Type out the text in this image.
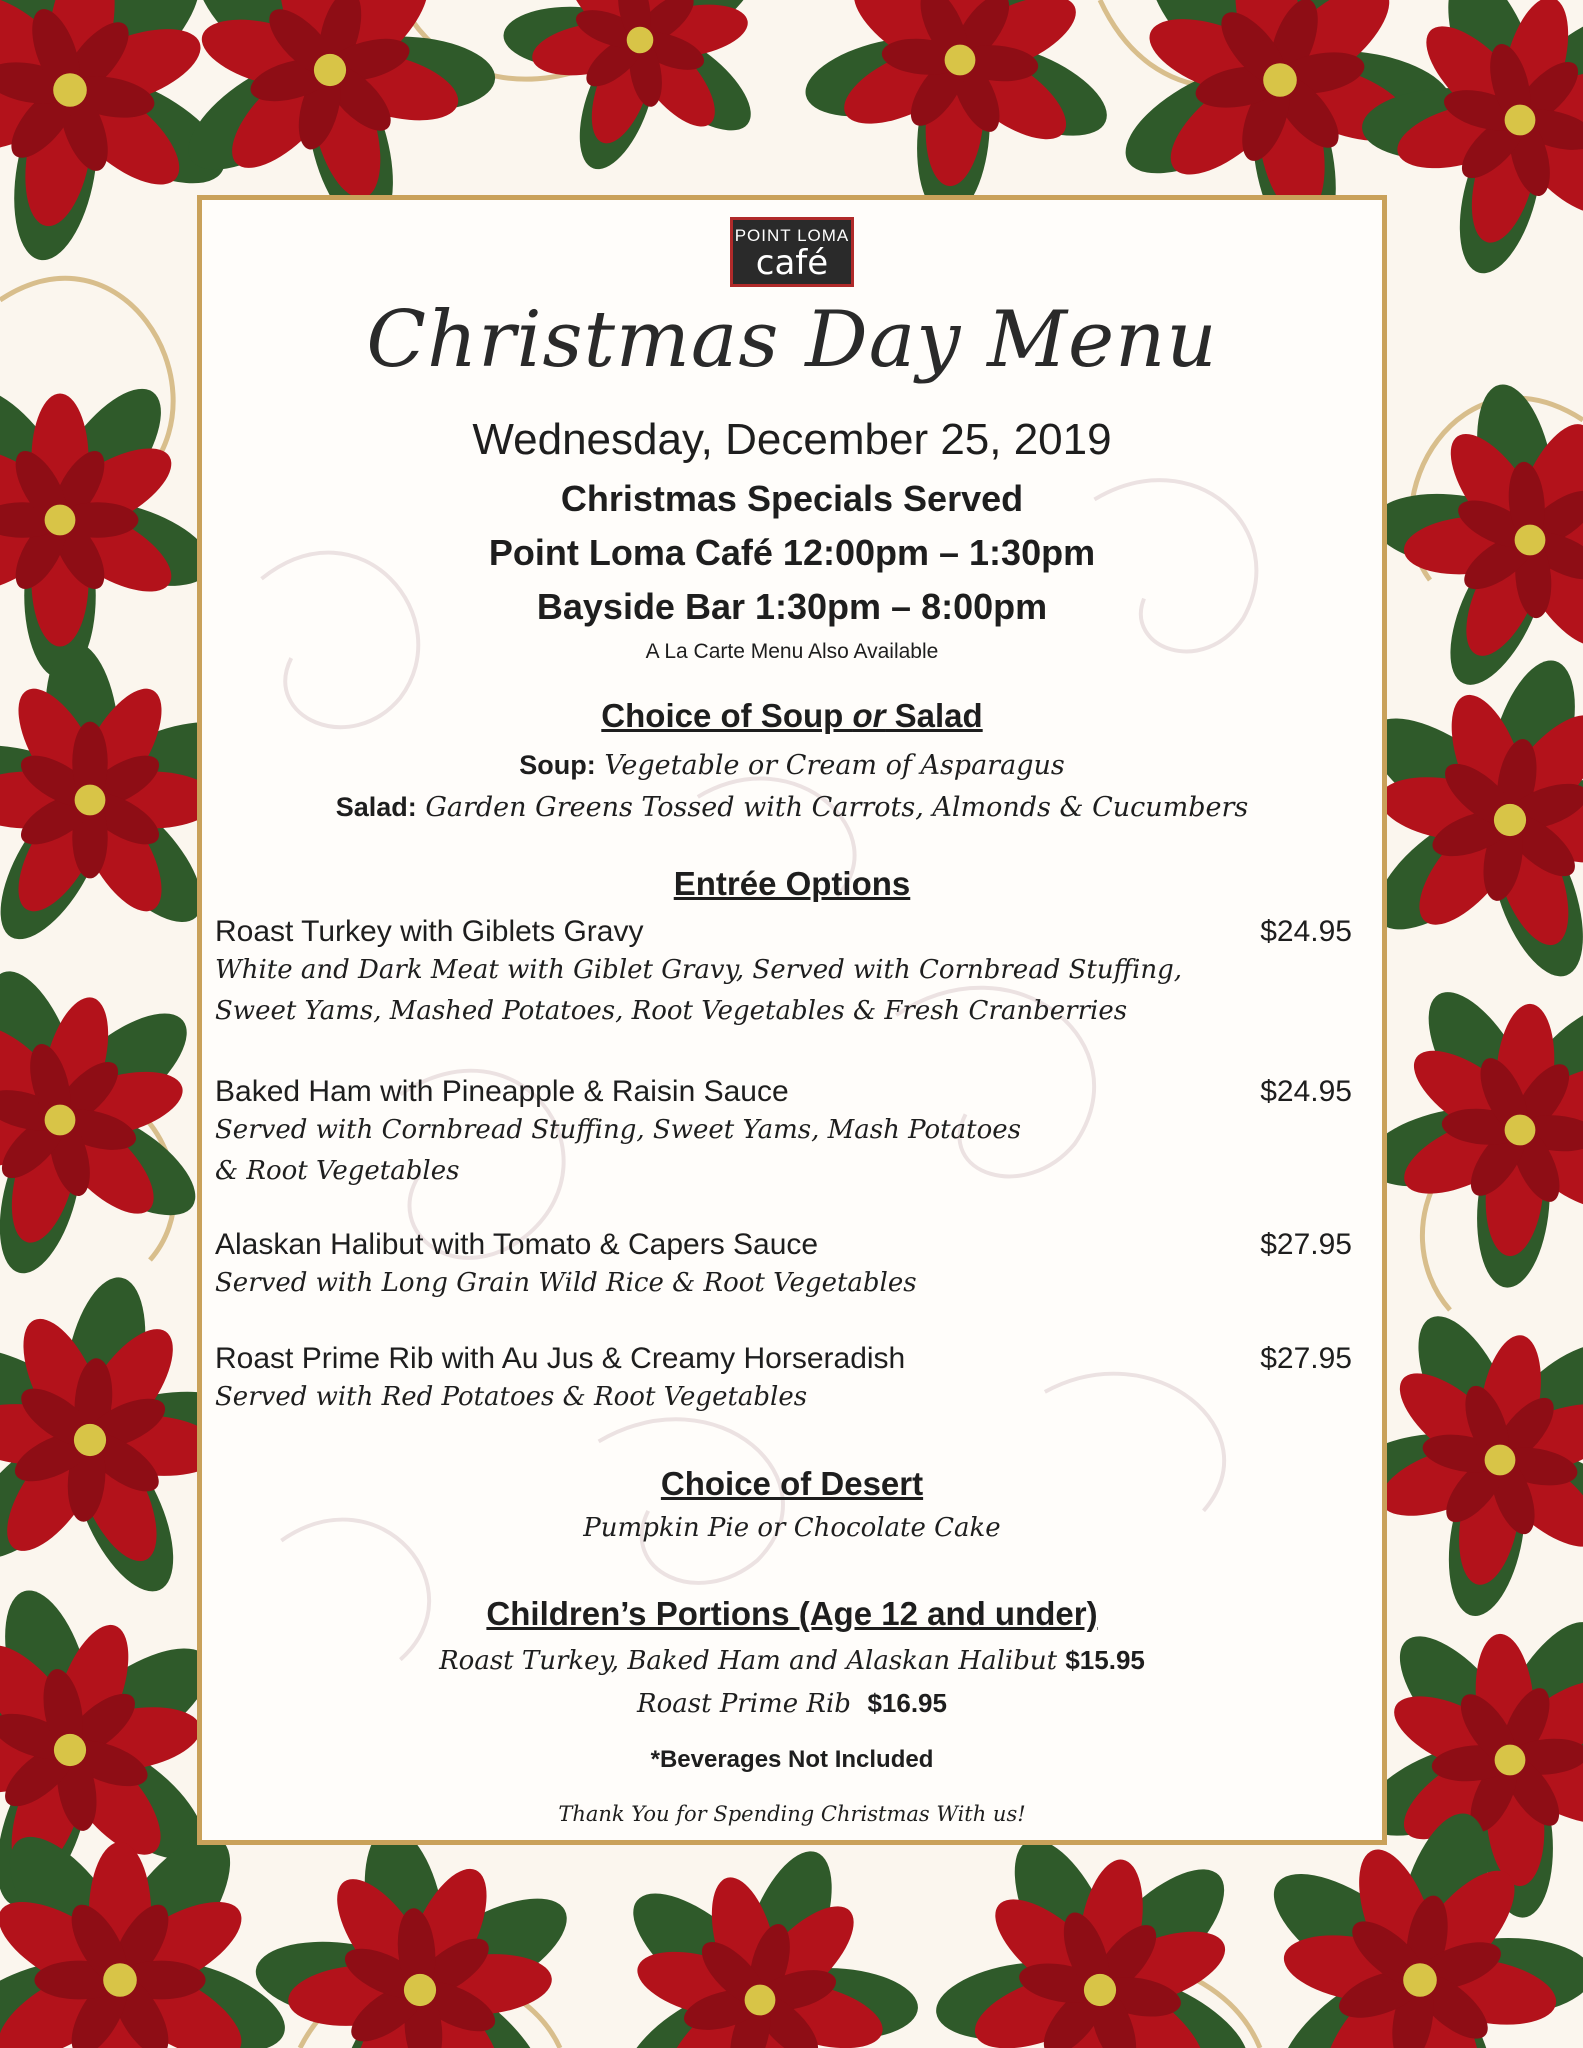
POINT LOMA
café
Christmas Day Menu
Wednesday, December 25, 2019
Christmas Specials Served
Point Loma Café 12:00pm – 1:30pm
Bayside Bar 1:30pm – 8:00pm
A La Carte Menu Also Available
Choice of Soup or Salad
Soup: Vegetable or Cream of Asparagus
Salad: Garden Greens Tossed with Carrots, Almonds & Cucumbers
Entrée Options
Roast Turkey with Giblets Gravy	$24.95
White and Dark Meat with Giblet Gravy, Served with Cornbread Stuffing,
Sweet Yams, Mashed Potatoes, Root Vegetables & Fresh Cranberries
Baked Ham with Pineapple & Raisin Sauce	$24.95
Served with Cornbread Stuffing, Sweet Yams, Mash Potatoes
& Root Vegetables
Alaskan Halibut with Tomato & Capers Sauce	$27.95
Served with Long Grain Wild Rice & Root Vegetables
Roast Prime Rib with Au Jus & Creamy Horseradish	$27.95
Served with Red Potatoes & Root Vegetables
Choice of Desert
Pumpkin Pie or Chocolate Cake
Children’s Portions (Age 12 and under)
Roast Turkey, Baked Ham and Alaskan Halibut $15.95
Roast Prime Rib $16.95
*Beverages Not Included
Thank You for Spending Christmas With us!
